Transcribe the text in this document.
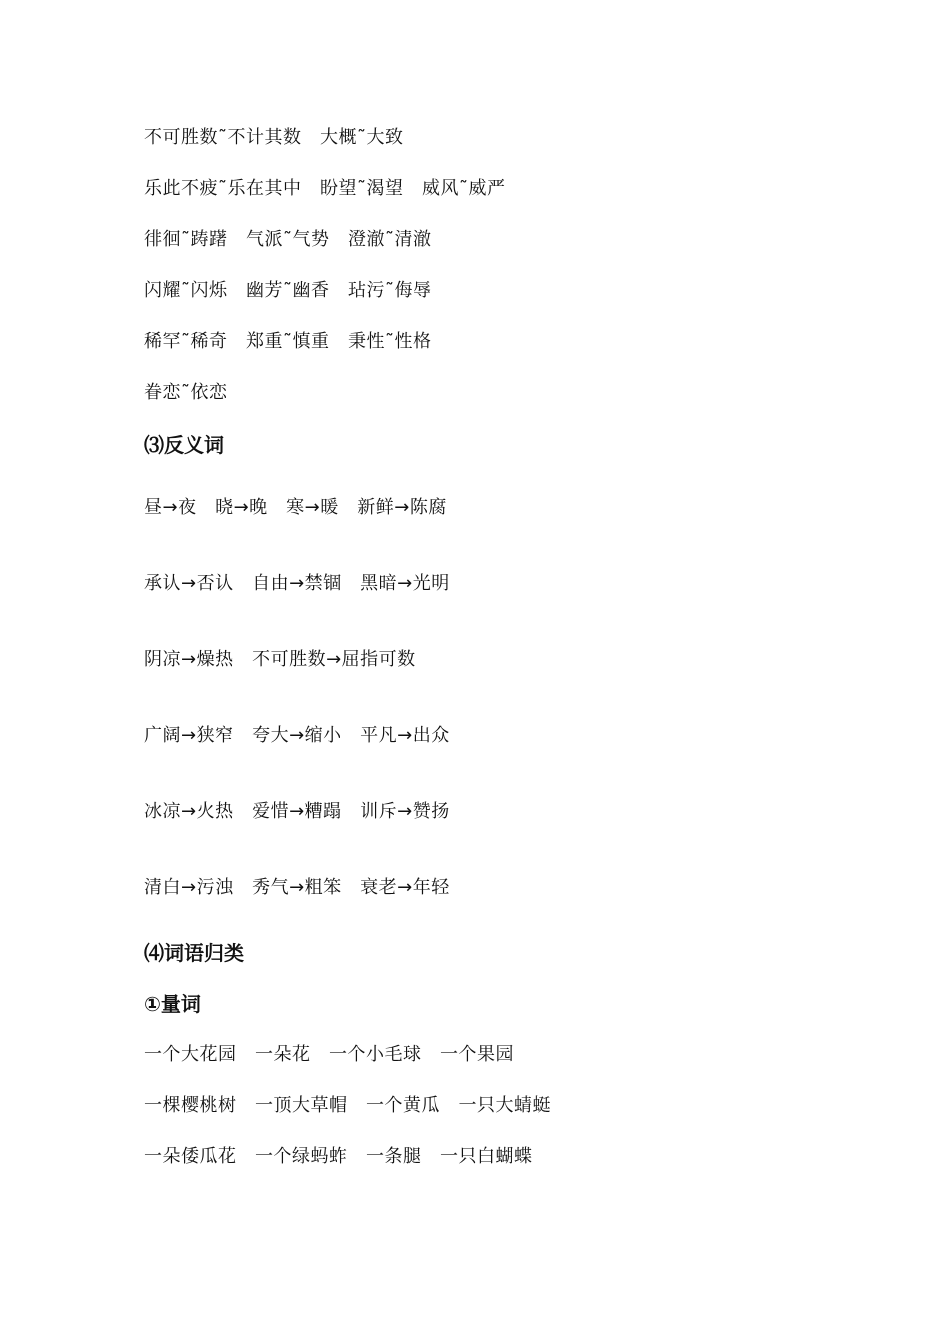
不可胜数˜不计其数　大概˜大致
乐此不疲˜乐在其中　盼望˜渴望　威风˜威严
徘徊˜踌躇　气派˜气势　澄澈˜清澈
闪耀˜闪烁　幽芳˜幽香　玷污˜侮辱
稀罕˜稀奇　郑重˜慎重　秉性˜性格
眷恋˜依恋
⑶反义词
昼→夜　晓→晚　寒→暖　新鲜→陈腐
承认→否认　自由→禁锢　黑暗→光明
阴凉→燥热　不可胜数→屈指可数
广阔→狭窄　夸大→缩小　平凡→出众
冰凉→火热　爱惜→糟蹋　训斥→赞扬
清白→污浊　秀气→粗笨　衰老→年轻
⑷词语归类
①量词
一个大花园　一朵花　一个小毛球　一个果园
一棵樱桃树　一顶大草帽　一个黄瓜　一只大蜻蜓
一朵倭瓜花　一个绿蚂蚱　一条腿　一只白蝴蝶
